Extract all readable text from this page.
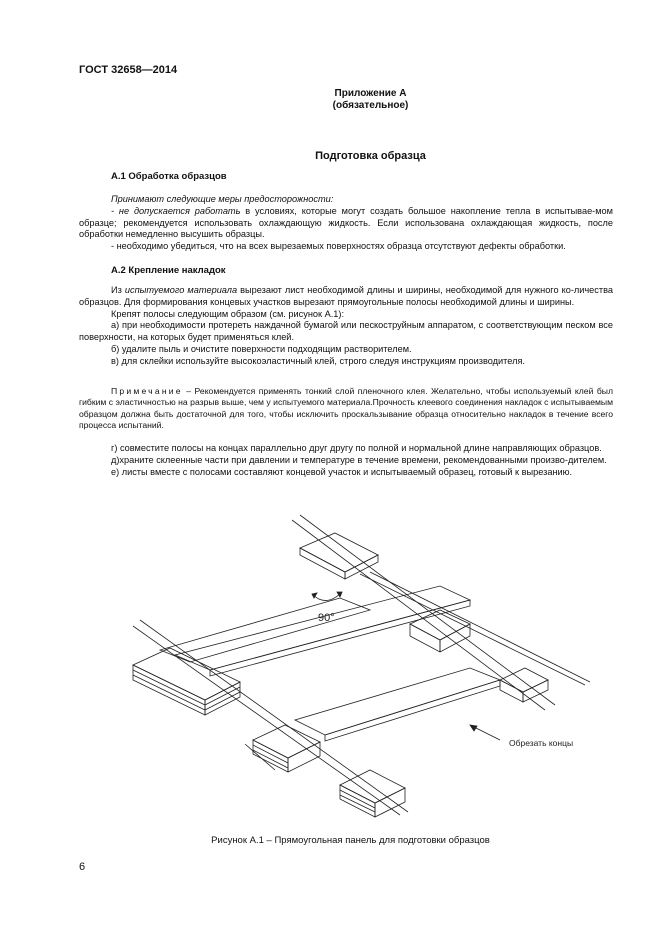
ГОСТ 32658—2014
Приложение А
(обязательное)
Подготовка образца
А.1 Обработка образцов

Принимают следующие меры предосторожности:

- не допускается работать в условиях, которые могут создать большое накопление тепла в испытывае-мом образце; рекомендуется использовать охлаждающую жидкость. Если использована охлаждающая жидкость, после обработки немедленно высушить образцы.

- необходимо убедиться, что на всех вырезаемых поверхностях образца отсутствуют дефекты обработки.

А.2 Крепление накладок

Из испытуемого материала вырезают лист необходимой длины и ширины, необходимой для нужного ко-личества образцов. Для формирования концевых участков вырезают прямоугольные полосы необходимой длины и ширины.

Крепят полосы следующим образом (см. рисунок А.1):

а) при необходимости протереть наждачной бумагой или пескоструйным аппаратом, с соответствующим песком все поверхности, на которых будет применяться клей.

б) удалите пыль и очистите поверхности подходящим растворителем.

в) для склейки используйте высокоэластичный клей, строго следуя инструкциям производителя.

Примечание – Рекомендуется применять тонкий слой пленочного клея. Желательно, чтобы используемый клей был гибким с эластичностью на разрыв выше, чем у испытуемого материала.Прочность клеевого соединения накладок с испытываемым образцом должна быть достаточной для того, чтобы исключить проскальзывание образца относительно накладок в течение всего процесса испытаний.

г) совместите полосы на концах параллельно друг другу по полной и нормальной длине направляющих образцов.

д)храните склеенные части при давлении и температуре в течение времени, рекомендованными произво-дителем.

е) листы вместе с полосами составляют концевой участок и испытываемый образец, готовый к вырезанию.

90°
Обрезать концы
Рисунок А.1 – Прямоугольная панель для подготовки образцов
6
